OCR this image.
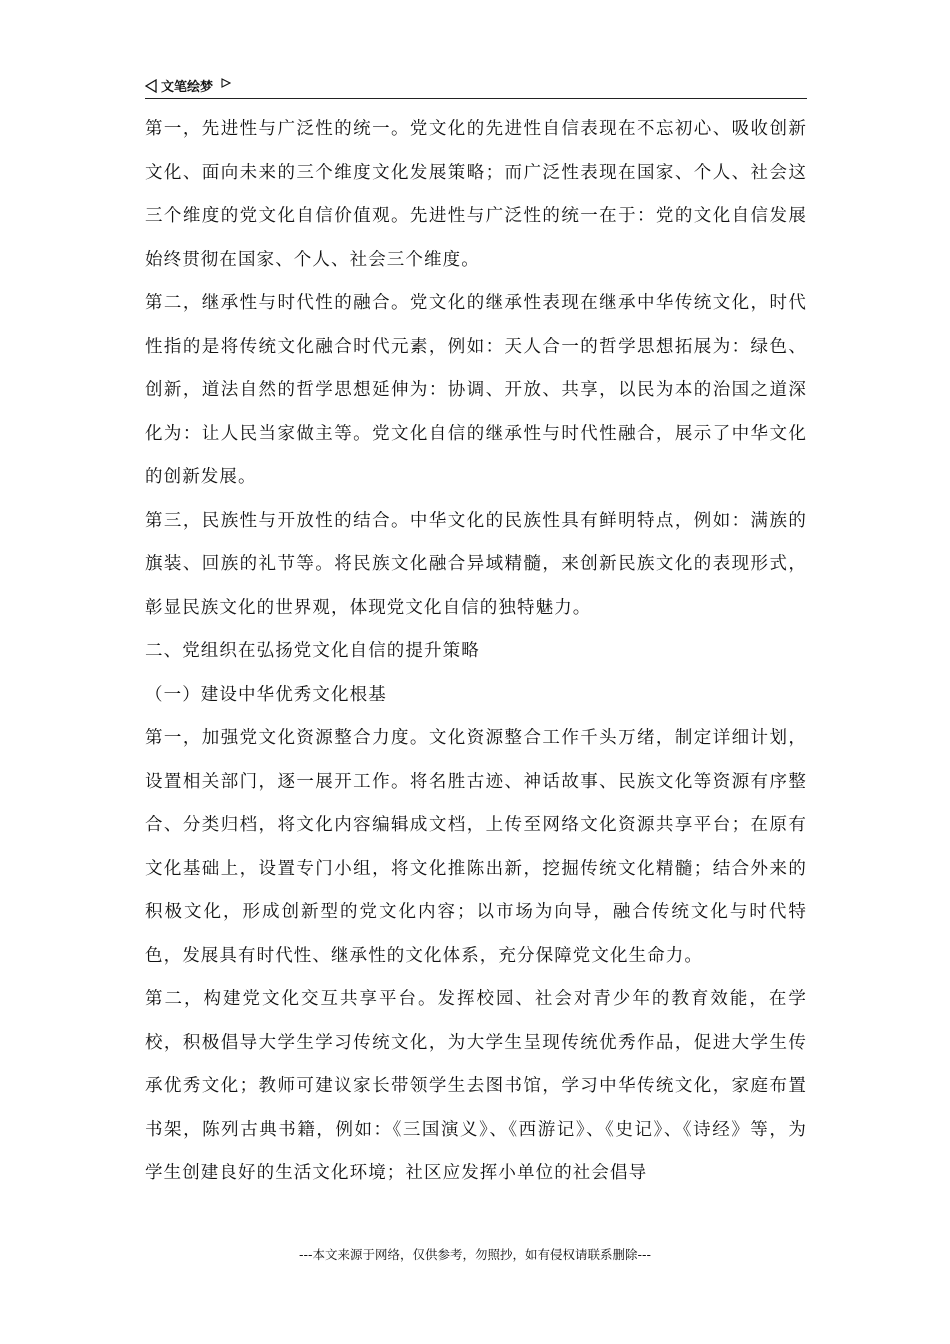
文笔绘梦

第一，先进性与广泛性的统一。党文化的先进性自信表现在不忘初心、吸收创新文化、面向未来的三个维度文化发展策略；而广泛性表现在国家、个人、社会这三个维度的党文化自信价值观。先进性与广泛性的统一在于：党的文化自信发展始终贯彻在国家、个人、社会三个维度。

第二，继承性与时代性的融合。党文化的继承性表现在继承中华传统文化，时代性指的是将传统文化融合时代元素，例如：天人合一的哲学思想拓展为：绿色、创新，道法自然的哲学思想延伸为：协调、开放、共享，以民为本的治国之道深化为：让人民当家做主等。党文化自信的继承性与时代性融合，展示了中华文化的创新发展。

第三，民族性与开放性的结合。中华文化的民族性具有鲜明特点，例如：满族的旗装、回族的礼节等。将民族文化融合异域精髓，来创新民族文化的表现形式，彰显民族文化的世界观，体现党文化自信的独特魅力。

二、党组织在弘扬党文化自信的提升策略

（一）建设中华优秀文化根基

第一，加强党文化资源整合力度。文化资源整合工作千头万绪，制定详细计划，设置相关部门，逐一展开工作。将名胜古迹、神话故事、民族文化等资源有序整合、分类归档，将文化内容编辑成文档，上传至网络文化资源共享平台；在原有文化基础上，设置专门小组，将文化推陈出新，挖掘传统文化精髓；结合外来的积极文化，形成创新型的党文化内容；以市场为向导，融合传统文化与时代特色，发展具有时代性、继承性的文化体系，充分保障党文化生命力。

第二，构建党文化交互共享平台。发挥校园、社会对青少年的教育效能，在学校，积极倡导大学生学习传统文化，为大学生呈现传统优秀作品，促进大学生传承优秀文化；教师可建议家长带领学生去图书馆，学习中华传统文化，家庭布置书架，陈列古典书籍，例如：《三国演义》、《西游记》、《史记》、《诗经》等，为学生创建良好的生活文化环境；社区应发挥小单位的社会倡导

---本文来源于网络，仅供参考，勿照抄，如有侵权请联系删除---
